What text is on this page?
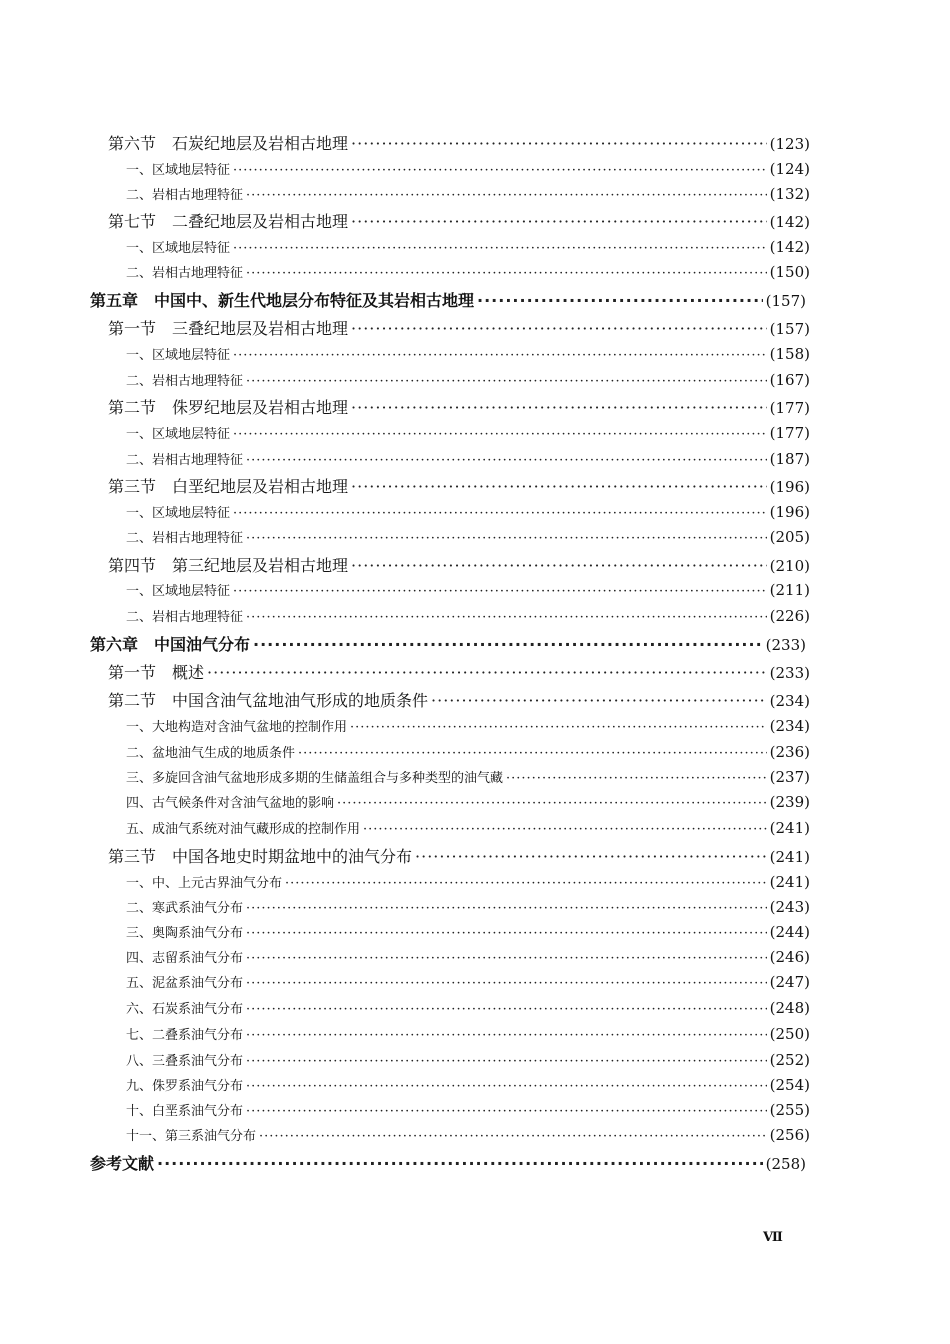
第六节　石炭纪地层及岩相古地理 ·····	(123)
一、区域地层特征 ·····	(124)
二、岩相古地理特征 ·····	(132)
第七节　二叠纪地层及岩相古地理 ·····	(142)
一、区域地层特征 ·····	(142)
二、岩相古地理特征 ·····	(150)
第五章　中国中、新生代地层分布特征及其岩相古地理 ·····	(157)
第一节　三叠纪地层及岩相古地理 ·····	(157)
一、区域地层特征 ·····	(158)
二、岩相古地理特征 ·····	(167)
第二节　侏罗纪地层及岩相古地理 ·····	(177)
一、区域地层特征 ·····	(177)
二、岩相古地理特征 ·····	(187)
第三节　白垩纪地层及岩相古地理 ·····	(196)
一、区域地层特征 ·····	(196)
二、岩相古地理特征 ·····	(205)
第四节　第三纪地层及岩相古地理 ·····	(210)
一、区域地层特征 ·····	(211)
二、岩相古地理特征 ·····	(226)
第六章　中国油气分布 ·····	(233)
第一节　概述 ·····	(233)
第二节　中国含油气盆地油气形成的地质条件 ·····	(234)
一、大地构造对含油气盆地的控制作用 ·····	(234)
二、盆地油气生成的地质条件 ·····	(236)
三、多旋回含油气盆地形成多期的生储盖组合与多种类型的油气藏 ·····	(237)
四、古气候条件对含油气盆地的影响 ·····	(239)
五、成油气系统对油气藏形成的控制作用 ·····	(241)
第三节　中国各地史时期盆地中的油气分布 ·····	(241)
一、中、上元古界油气分布 ·····	(241)
二、寒武系油气分布 ·····	(243)
三、奥陶系油气分布 ·····	(244)
四、志留系油气分布 ·····	(246)
五、泥盆系油气分布 ·····	(247)
六、石炭系油气分布 ·····	(248)
七、二叠系油气分布 ·····	(250)
八、三叠系油气分布 ·····	(252)
九、侏罗系油气分布 ·····	(254)
十、白垩系油气分布 ·····	(255)
十一、第三系油气分布 ·····	(256)
参考文献 ·····	(258)
Ⅶ
